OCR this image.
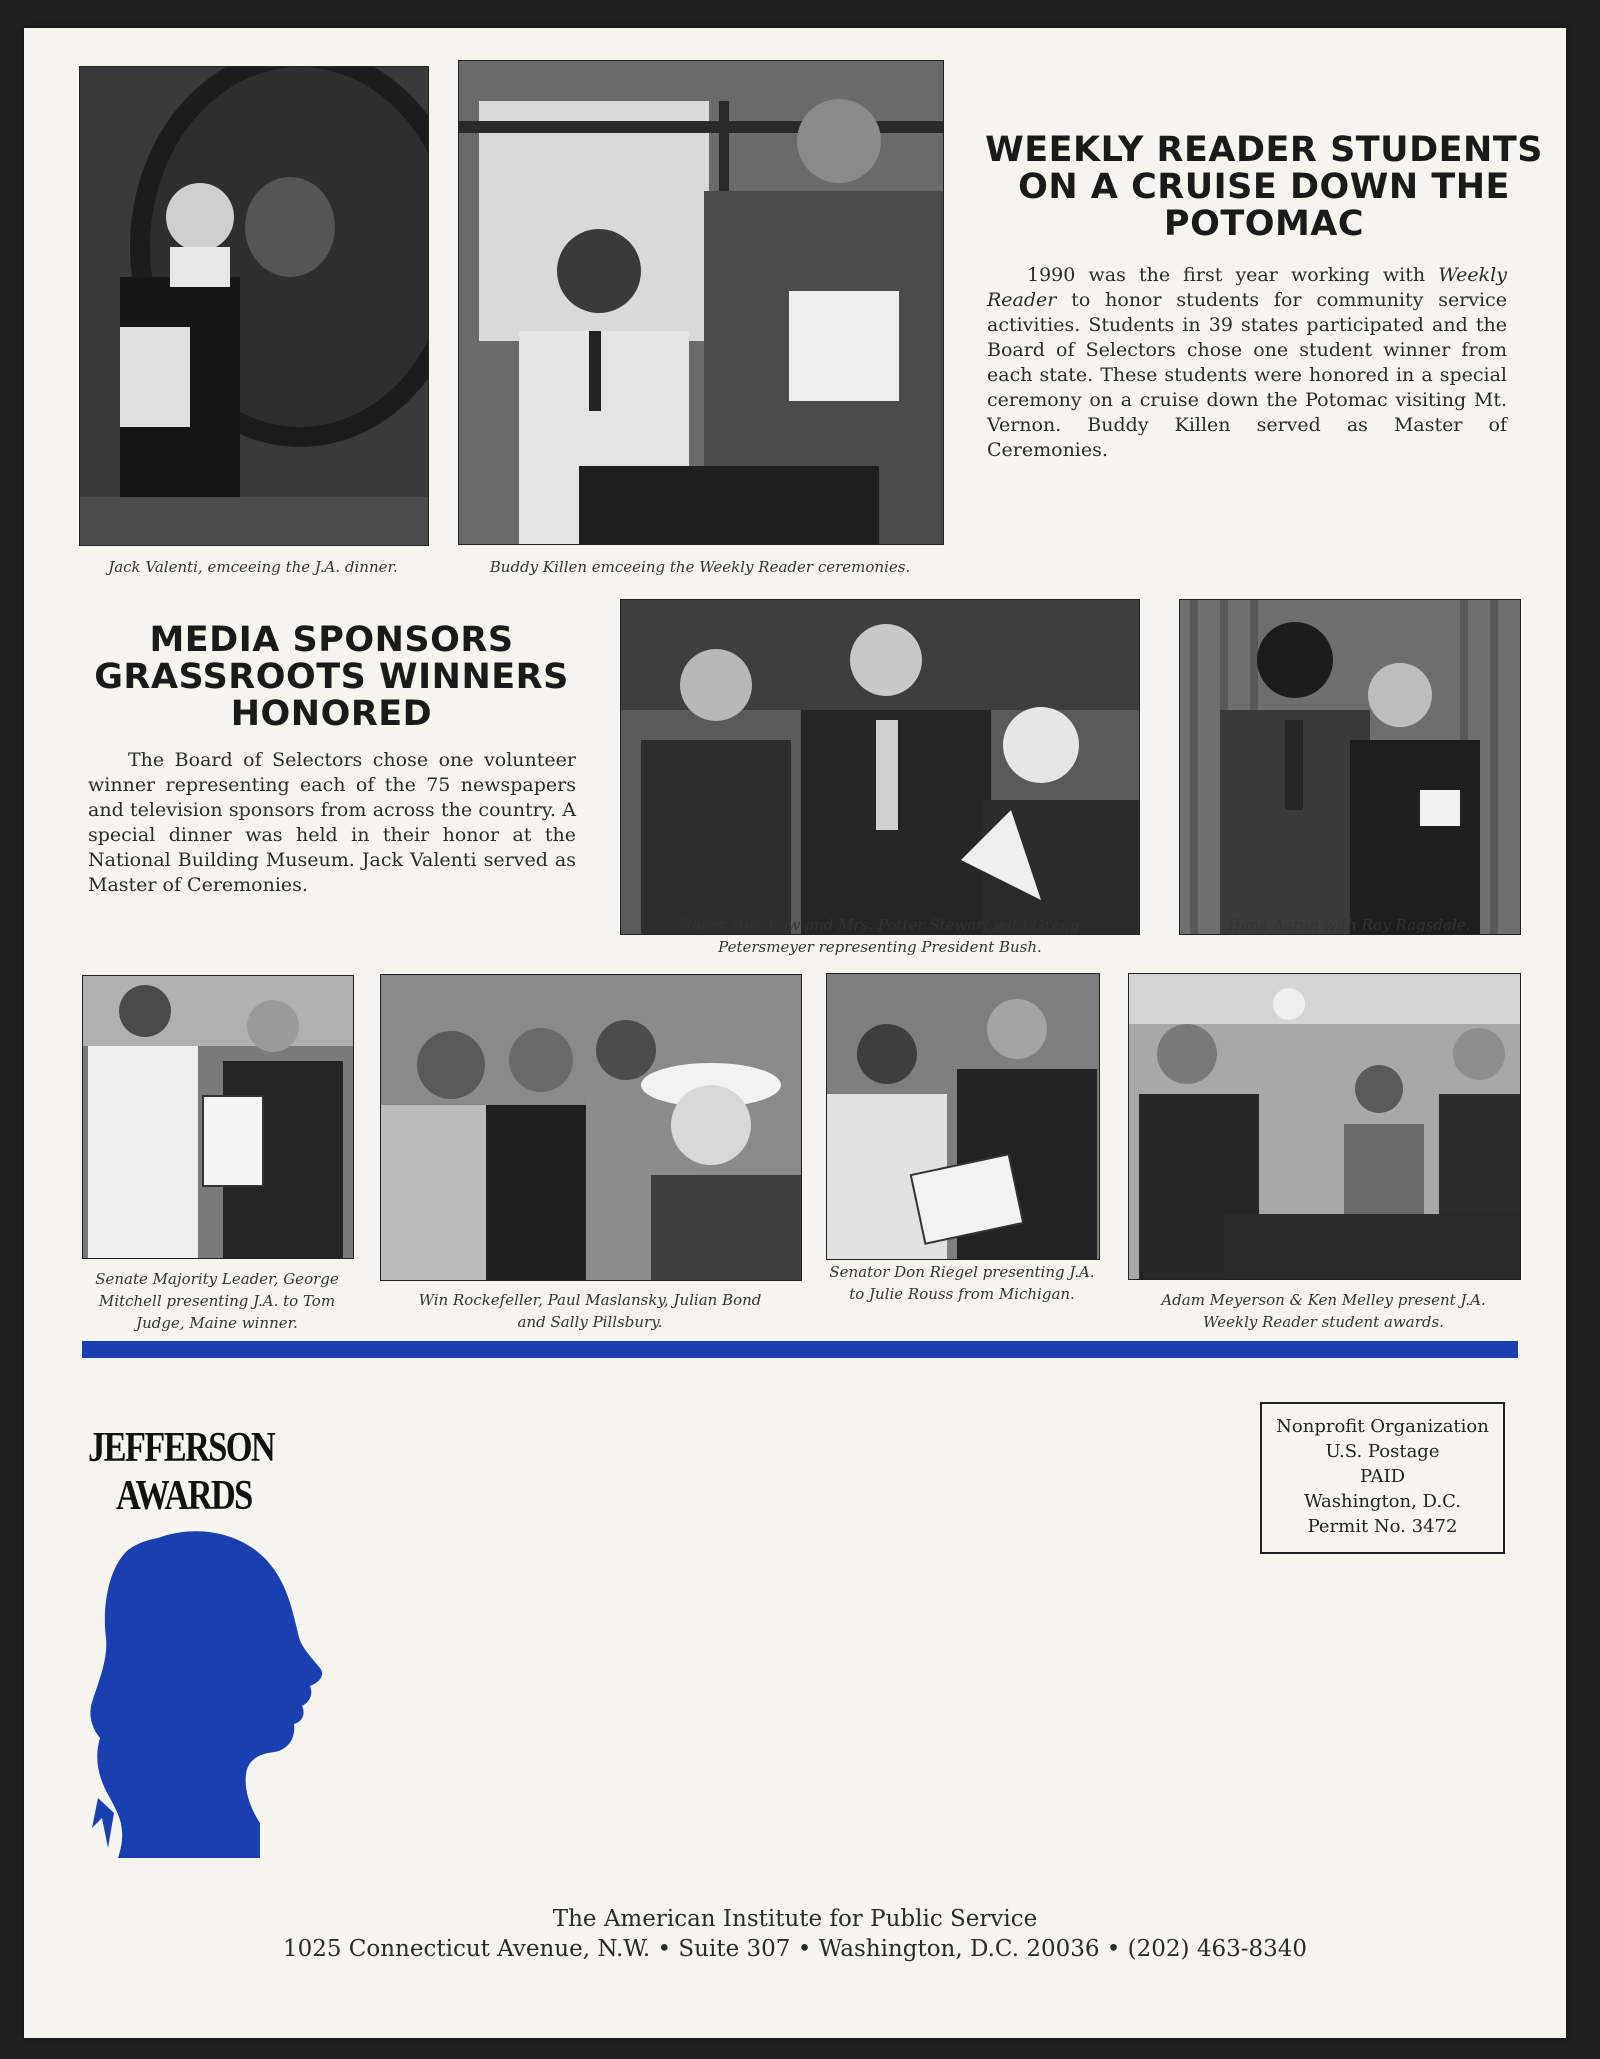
Jack Valenti, emceeing the J.A. dinner.	Buddy Killen emceeing the Weekly Reader ceremonies.
WEEKLY READER STUDENTS ON A CRUISE DOWN THE POTOMAC

1990 was the first year working with Weekly Reader to honor students for community service activities. Students in 39 states participated and the Board of Selectors chose one student winner from each state. These students were honored in a special ceremony on a cruise down the Potomac visiting Mt. Vernon. Buddy Killen served as Master of Ceremonies.

MEDIA SPONSORS GRASSROOTS WINNERS HONORED

The Board of Selectors chose one volunteer winner representing each of the 75 newspapers and television sponsors from across the country. A special dinner was held in their honor at the National Building Museum. Jack Valenti served as Master of Ceremonies.

Roger Horchow and Mrs. Potter Stewart with Gregg Petersmeyer representing President Bush.
Hank Aaron with Ray Ragsdale.
Senate Majority Leader, George Mitchell presenting J.A. to Tom Judge, Maine winner.
Win Rockefeller, Paul Maslansky, Julian Bond and Sally Pillsbury.
Senator Don Riegel presenting J.A. to Julie Rouss from Michigan.	Adam Meyerson & Ken Melley present J.A. Weekly Reader student awards.
JEFFERSON
AWARDS
Nonprofit Organization
U.S. Postage
PAID
Washington, D.C.
Permit No. 3472
The American Institute for Public Service
1025 Connecticut Avenue, N.W. • Suite 307 • Washington, D.C. 20036 • (202) 463-8340
